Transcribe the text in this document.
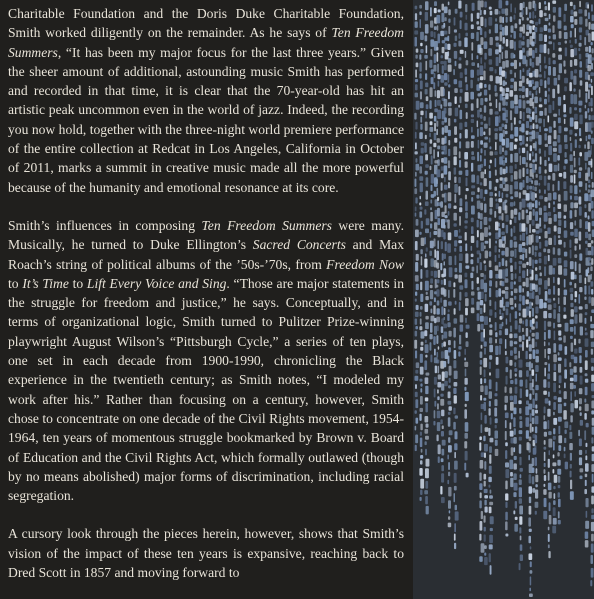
Charitable Foundation and the Doris Duke Charitable Foundation, Smith worked diligently on the remainder. As he says of Ten Freedom Summers, “It has been my major focus for the last three years.” Given the sheer amount of additional, astounding music Smith has performed and recorded in that time, it is clear that the 70-year-old has hit an artistic peak uncommon even in the world of jazz. Indeed, the recording you now hold, together with the three-night world premiere performance of the entire collection at Redcat in Los Angeles, California in October of 2011, marks a summit in creative music made all the more powerful because of the humanity and emotional resonance at its core.

Smith’s influences in composing Ten Freedom Summers were many. Musically, he turned to Duke Ellington’s Sacred Concerts and Max Roach’s string of political albums of the ’50s-’70s, from Freedom Now to It’s Time to Lift Every Voice and Sing. “Those are major statements in the struggle for freedom and justice,” he says. Conceptually, and in terms of organizational logic, Smith turned to Pulitzer Prize-winning playwright August Wilson’s “Pittsburgh Cycle,” a series of ten plays, one set in each decade from 1900-1990, chronicling the Black experience in the twentieth century; as Smith notes, “I modeled my work after his.” Rather than focusing on a century, however, Smith chose to concentrate on one decade of the Civil Rights movement, 1954-1964, ten years of momentous struggle bookmarked by Brown v. Board of Education and the Civil Rights Act, which formally outlawed (though by no means abolished) major forms of discrimination, including racial segregation.

A cursory look through the pieces herein, however, shows that Smith’s vision of the impact of these ten years is expansive, reaching back to Dred Scott in 1857 and moving forward to
